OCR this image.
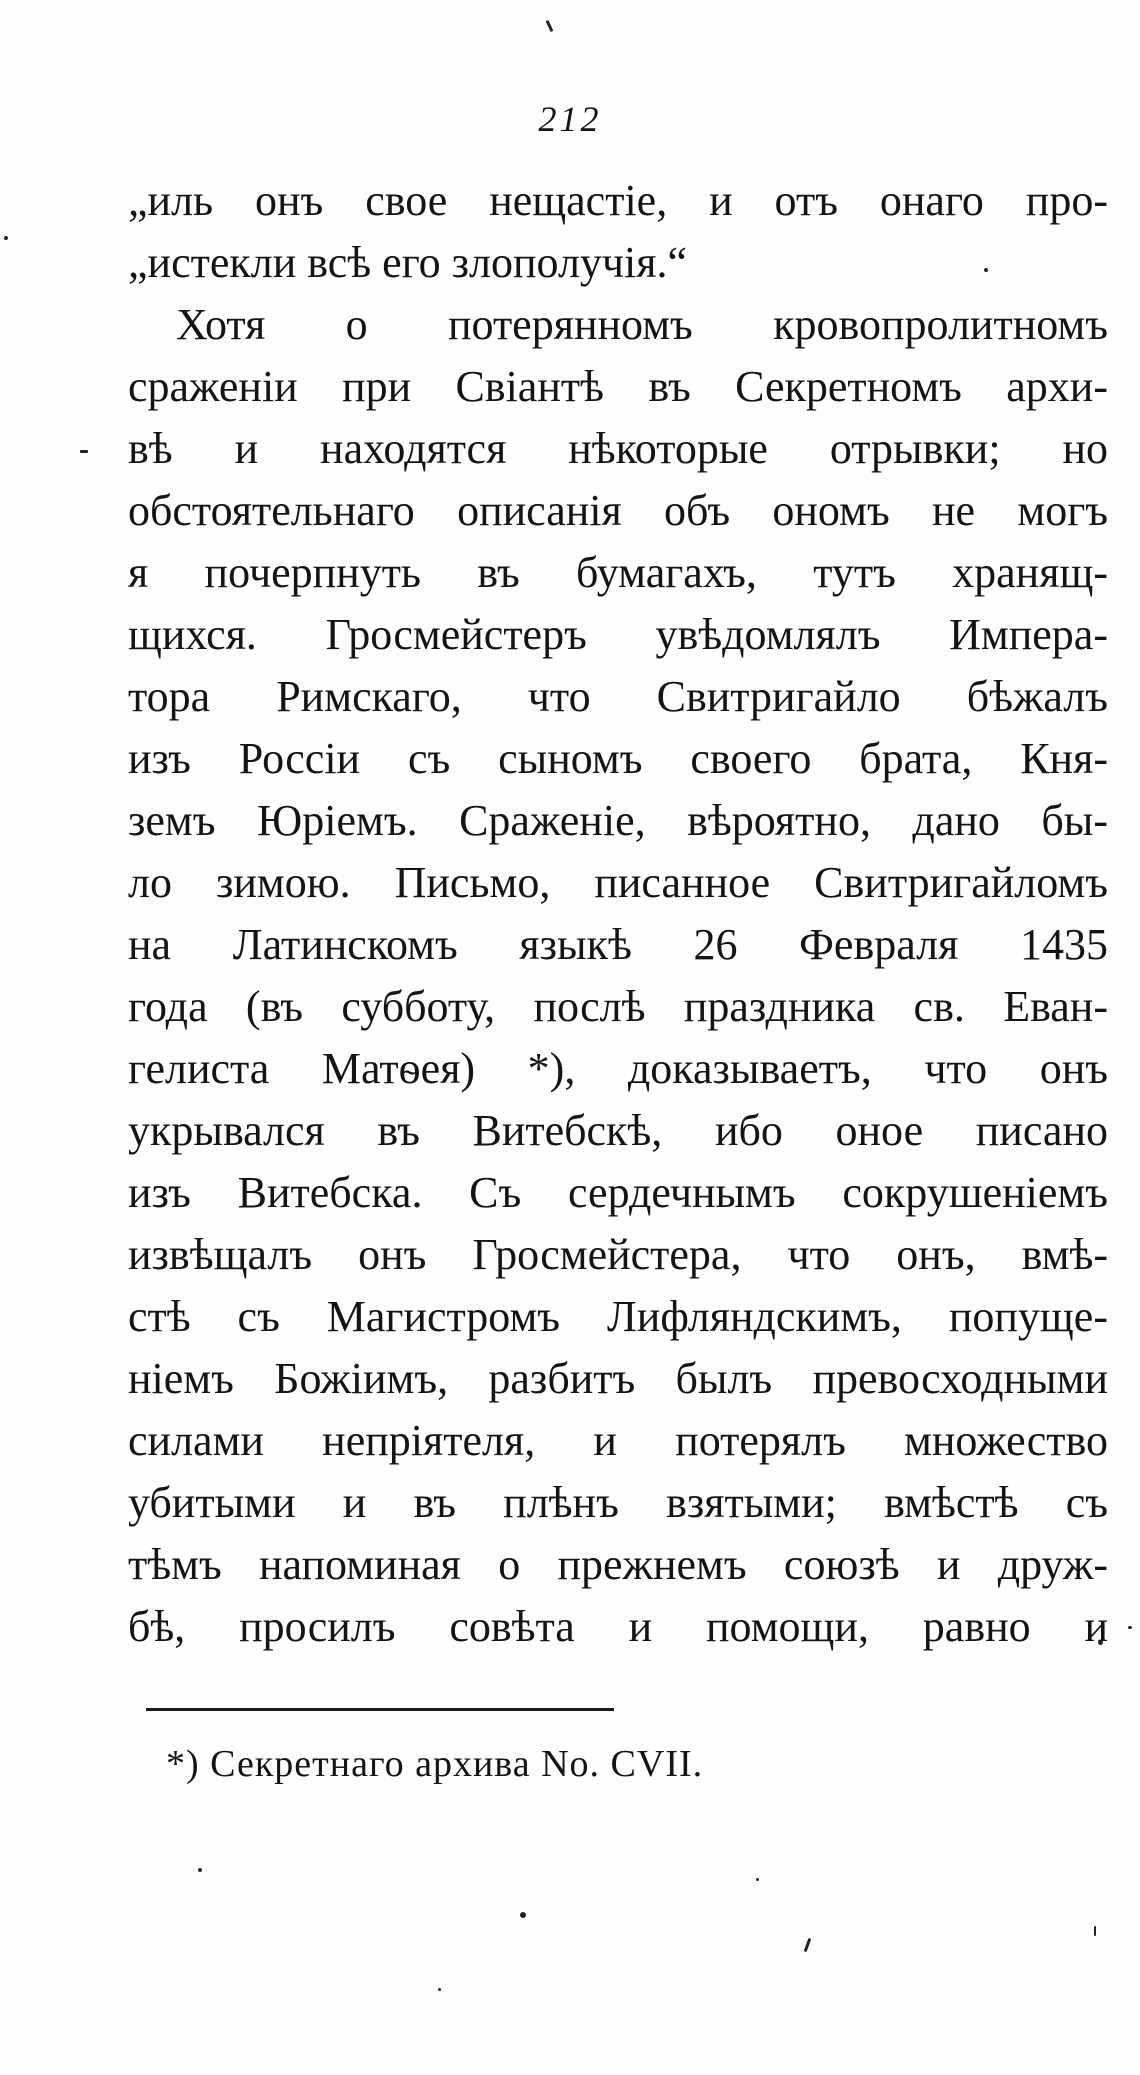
212
„иль онъ свое нещастіе, и отъ онаго про-
„истекли всѣ его злополучія.“
Хотя о потерянномъ кровопролитномъ
сраженіи при Свіантѣ въ Секретномъ архи-
вѣ и находятся нѣкоторые отрывки; но
обстоятельнаго описанія объ ономъ не могъ
я почерпнуть въ бумагахъ, тутъ хранящ-
щихся. Гросмейстеръ увѣдомлялъ Импера-
тора Римскаго, что Свитригайло бѣжалъ
изъ Россіи съ сыномъ своего брата, Кня-
земъ Юріемъ. Сраженіе, вѣроятно, дано бы-
ло зимою. Письмо, писанное Свитригайломъ
на Латинскомъ языкѣ 26 Февраля 1435
года (въ субботу, послѣ праздника св. Еван-
гелиста Матѳея) *), доказываетъ, что онъ
укрывался въ Витебскѣ, ибо оное писано
изъ Витебска. Съ сердечнымъ сокрушеніемъ
извѣщалъ онъ Гросмейстера, что онъ, вмѣ-
стѣ съ Магистромъ Лифляндскимъ, попуще-
ніемъ Божіимъ, разбитъ былъ превосходными
силами непріятеля, и потерялъ множество
убитыми и въ плѣнъ взятыми; вмѣстѣ съ
тѣмъ напоминая о прежнемъ союзѣ и друж-
бѣ, просилъ совѣта и помощи, равно и
*) Секретнаго архива No. CVII.
